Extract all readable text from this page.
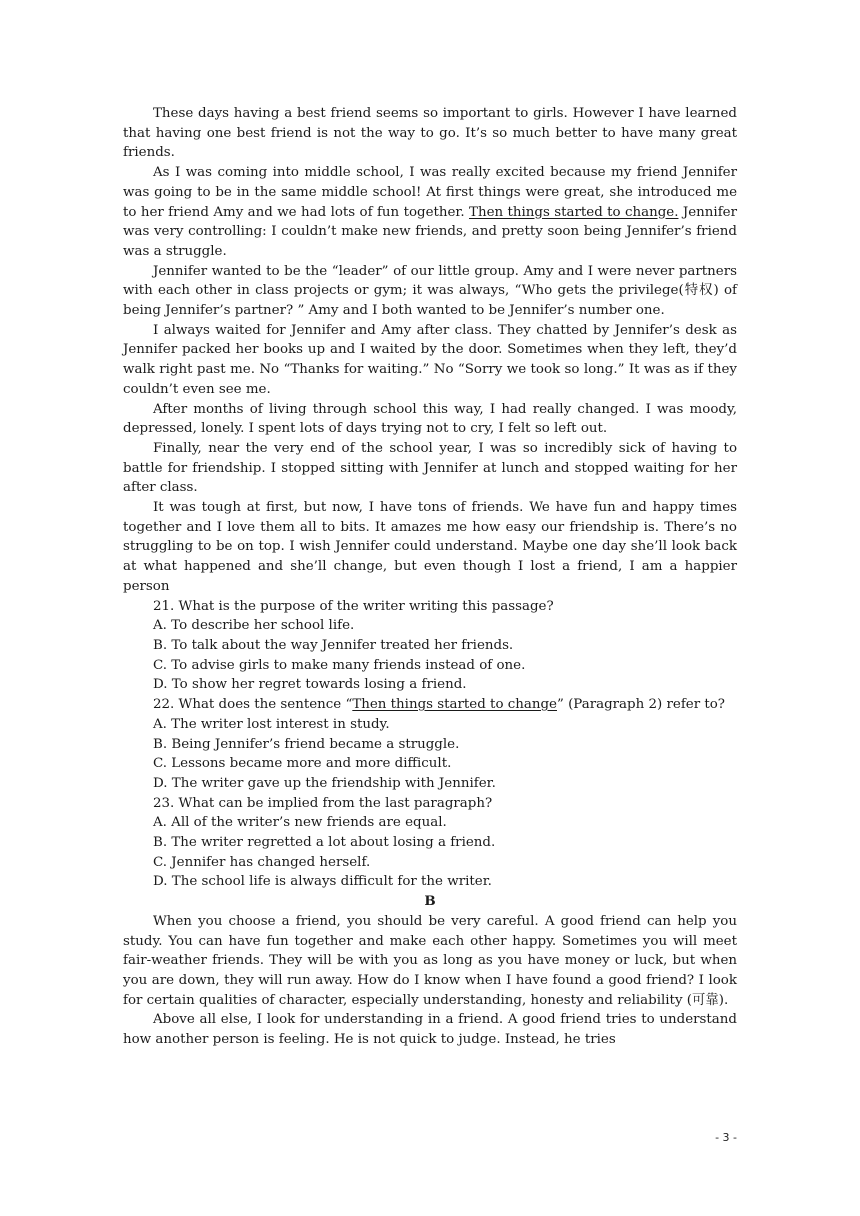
These days having a best friend seems so important to girls. However I have learned that having one best friend is not the way to go. It’s so much better to have many great friends.

As I was coming into middle school, I was really excited because my friend Jennifer was going to be in the same middle school! At first things were great, she introduced me to her friend Amy and we had lots of fun together. Then things started to change. Jennifer was very controlling: I couldn’t make new friends, and pretty soon being Jennifer’s friend was a struggle.

Jennifer wanted to be the “leader” of our little group. Amy and I were never partners with each other in class projects or gym; it was always, “Who gets the privilege(特权) of being Jennifer’s partner? ” Amy and I both wanted to be Jennifer’s number one.

I always waited for Jennifer and Amy after class. They chatted by Jennifer’s desk as Jennifer packed her books up and I waited by the door. Sometimes when they left, they’d walk right past me. No “Thanks for waiting.” No “Sorry we took so long.” It was as if they couldn’t even see me.

After months of living through school this way, I had really changed. I was moody, depressed, lonely. I spent lots of days trying not to cry, I felt so left out.

Finally, near the very end of the school year, I was so incredibly sick of having to battle for friendship. I stopped sitting with Jennifer at lunch and stopped waiting for her after class.

It was tough at first, but now, I have tons of friends. We have fun and happy times together and I love them all to bits. It amazes me how easy our friendship is. There’s no struggling to be on top. I wish Jennifer could understand. Maybe one day she’ll look back at what happened and she’ll change, but even though I lost a friend, I am a happier person

21. What is the purpose of the writer writing this passage?

A. To describe her school life.

B. To talk about the way Jennifer treated her friends.

C. To advise girls to make many friends instead of one.

D. To show her regret towards losing a friend.

22. What does the sentence “Then things started to change” (Paragraph 2) refer to?

A. The writer lost interest in study.

B. Being Jennifer’s friend became a struggle.

C. Lessons became more and more difficult.

D. The writer gave up the friendship with Jennifer.

23. What can be implied from the last paragraph?

A. All of the writer’s new friends are equal.

B. The writer regretted a lot about losing a friend.

C. Jennifer has changed herself.

D. The school life is always difficult for the writer.

B

When you choose a friend, you should be very careful. A good friend can help you study. You can have fun together and make each other happy. Sometimes you will meet fair-weather friends. They will be with you as long as you have money or luck, but when you are down, they will run away. How do I know when I have found a good friend? I look for certain qualities of character, especially understanding, honesty and reliability (可靠).

Above all else, I look for understanding in a friend. A good friend tries to understand how another person is feeling. He is not quick to judge. Instead, he tries

- 3 -
